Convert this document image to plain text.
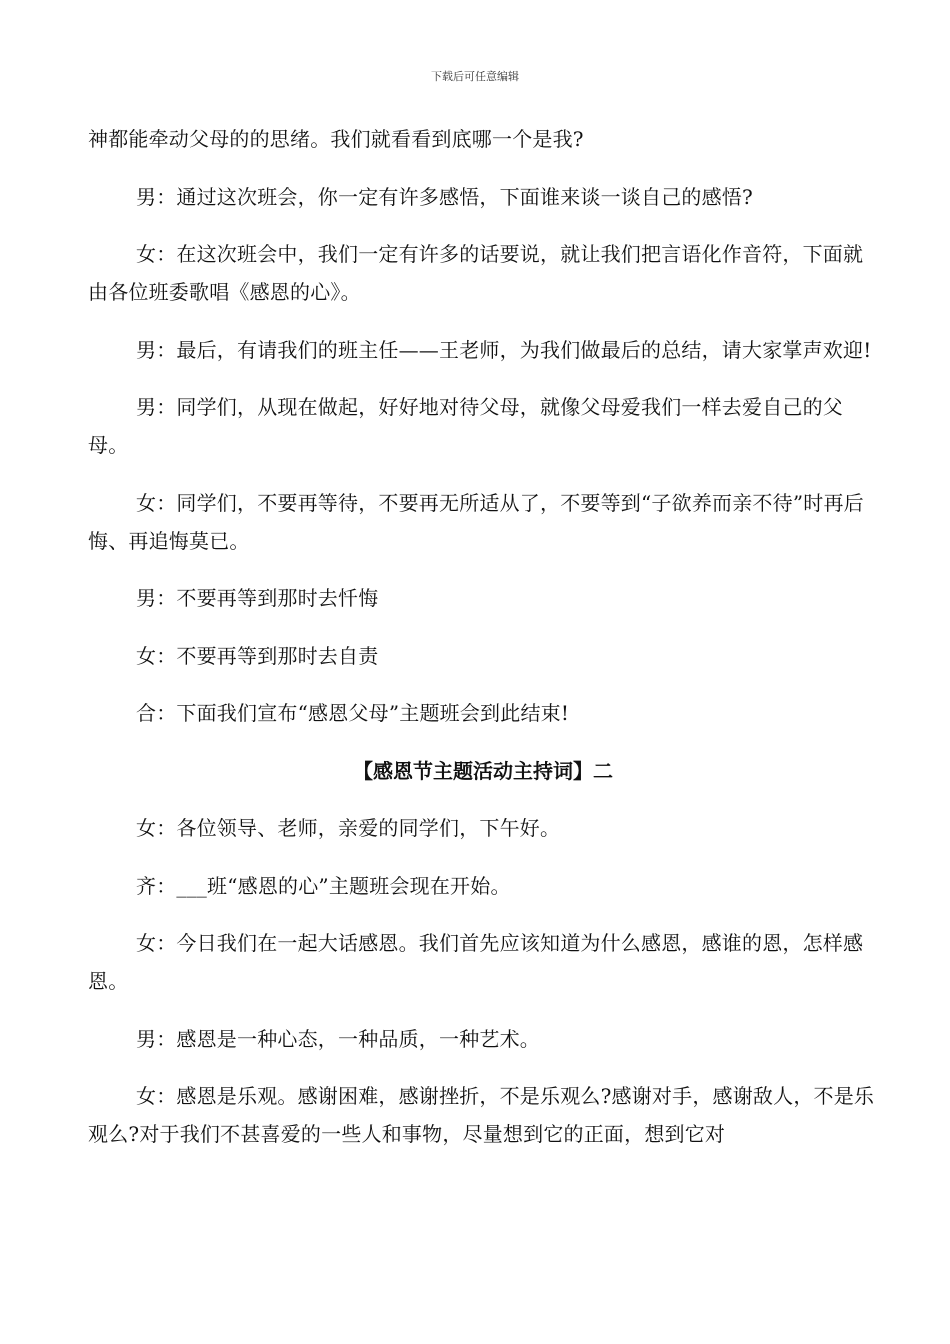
下载后可任意编辑

神都能牵动父母的的思绪。我们就看看到底哪一个是我?

男：通过这次班会，你一定有许多感悟，下面谁来谈一谈自己的感悟?

女：在这次班会中，我们一定有许多的话要说，就让我们把言语化作音符，下面就由各位班委歌唱《感恩的心》。

男：最后，有请我们的班主任——王老师，为我们做最后的总结，请大家掌声欢迎!

男：同学们，从现在做起，好好地对待父母，就像父母爱我们一样去爱自己的父母。

女：同学们，不要再等待，不要再无所适从了，不要等到“子欲养而亲不待”时再后悔、再追悔莫已。

男：不要再等到那时去忏悔

女：不要再等到那时去自责

合：下面我们宣布“感恩父母”主题班会到此结束!

【感恩节主题活动主持词】二

女：各位领导、老师，亲爱的同学们，下午好。

齐：___班“感恩的心”主题班会现在开始。

女：今日我们在一起大话感恩。我们首先应该知道为什么感恩，感谁的恩，怎样感恩。

男：感恩是一种心态，一种品质，一种艺术。

女：感恩是乐观。感谢困难，感谢挫折，不是乐观么?感谢对手，感谢敌人，不是乐观么?对于我们不甚喜爱的一些人和事物，尽量想到它的正面，想到它对
